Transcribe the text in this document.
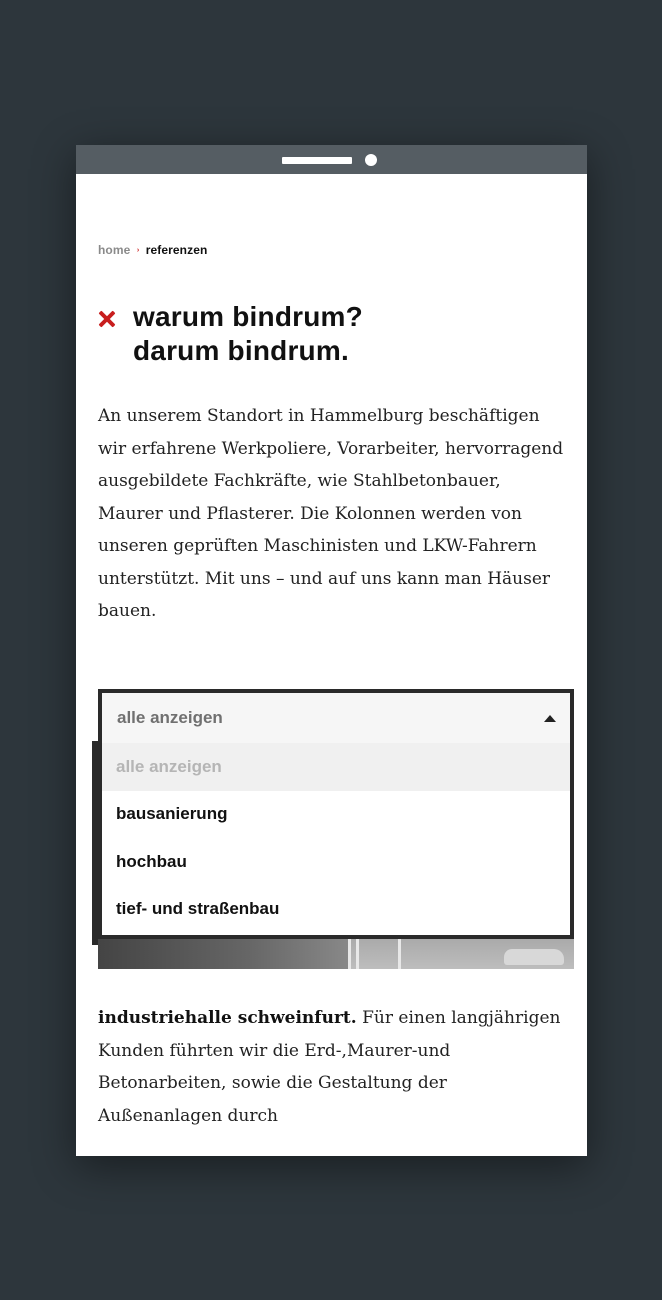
home › referenzen
warum bindrum?
darum bindrum.

An unserem Standort in Hammelburg beschäftigen wir erfahrene Werkpoliere, Vorarbeiter, hervorragend ausgebildete Fachkräfte, wie Stahlbetonbauer, Maurer und Pflasterer. Die Kolonnen werden von unseren geprüften Maschinisten und LKW-Fahrern unterstützt. Mit uns – und auf uns kann man Häuser bauen.

alle anzeigen
alle anzeigen
bausanierung
hochbau
tief- und straßenbau

industriehalle schweinfurt. Für einen langjährigen Kunden führten wir die Erd-,Maurer-und Betonarbeiten, sowie die Gestaltung der Außenanlagen durch
